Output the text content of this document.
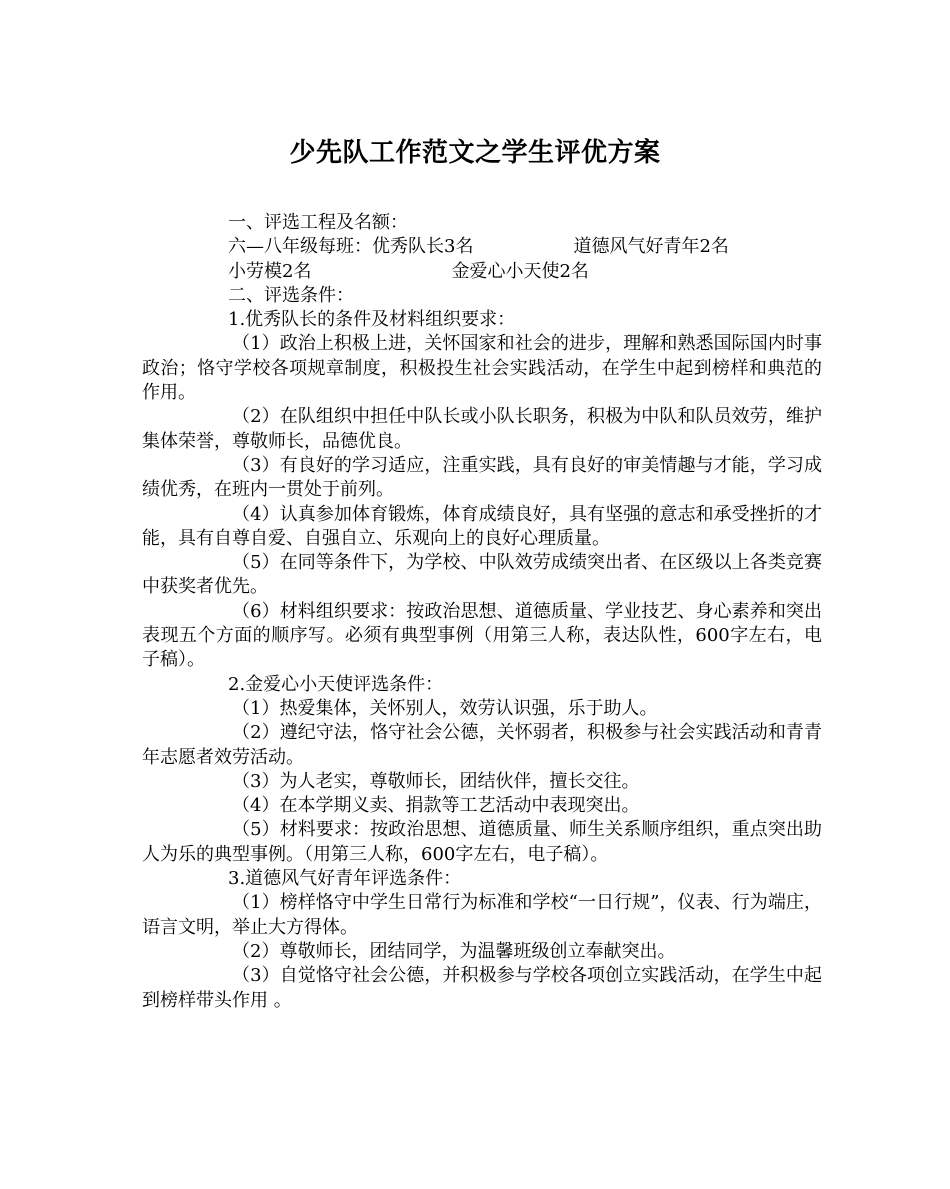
少先队工作范文之学生评优方案

一、评选工程及名额：

六—八年级每班：优秀队长3名	道德风气好青年2名
小劳模2名	金爱心小天使2名

二、评选条件：

1.优秀队长的条件及材料组织要求：

（1）政治上积极上进，关怀国家和社会的进步，理解和熟悉国际国内时事政治；恪守学校各项规章制度，积极投生社会实践活动，在学生中起到榜样和典范的作用。

（2）在队组织中担任中队长或小队长职务，积极为中队和队员效劳，维护集体荣誉，尊敬师长，品德优良。

（3）有良好的学习适应，注重实践，具有良好的审美情趣与才能，学习成绩优秀，在班内一贯处于前列。

（4）认真参加体育锻炼，体育成绩良好，具有坚强的意志和承受挫折的才能，具有自尊自爱、自强自立、乐观向上的良好心理质量。

（5）在同等条件下，为学校、中队效劳成绩突出者、在区级以上各类竞赛中获奖者优先。

（6）材料组织要求：按政治思想、道德质量、学业技艺、身心素养和突出表现五个方面的顺序写。必须有典型事例（用第三人称，表达队性，600字左右，电子稿）。

2.金爱心小天使评选条件：

（1）热爱集体，关怀别人，效劳认识强，乐于助人。

（2）遵纪守法，恪守社会公德，关怀弱者，积极参与社会实践活动和青青年志愿者效劳活动。

（3）为人老实，尊敬师长，团结伙伴，擅长交往。

（4）在本学期义卖、捐款等工艺活动中表现突出。

（5）材料要求：按政治思想、道德质量、师生关系顺序组织，重点突出助人为乐的典型事例。（用第三人称，600字左右，电子稿）。

3.道德风气好青年评选条件：

（1）榜样恪守中学生日常行为标准和学校“一日行规”，仪表、行为端庄，语言文明，举止大方得体。

（2）尊敬师长，团结同学，为温馨班级创立奉献突出。

（3）自觉恪守社会公德，并积极参与学校各项创立实践活动，在学生中起到榜样带头作用 。
